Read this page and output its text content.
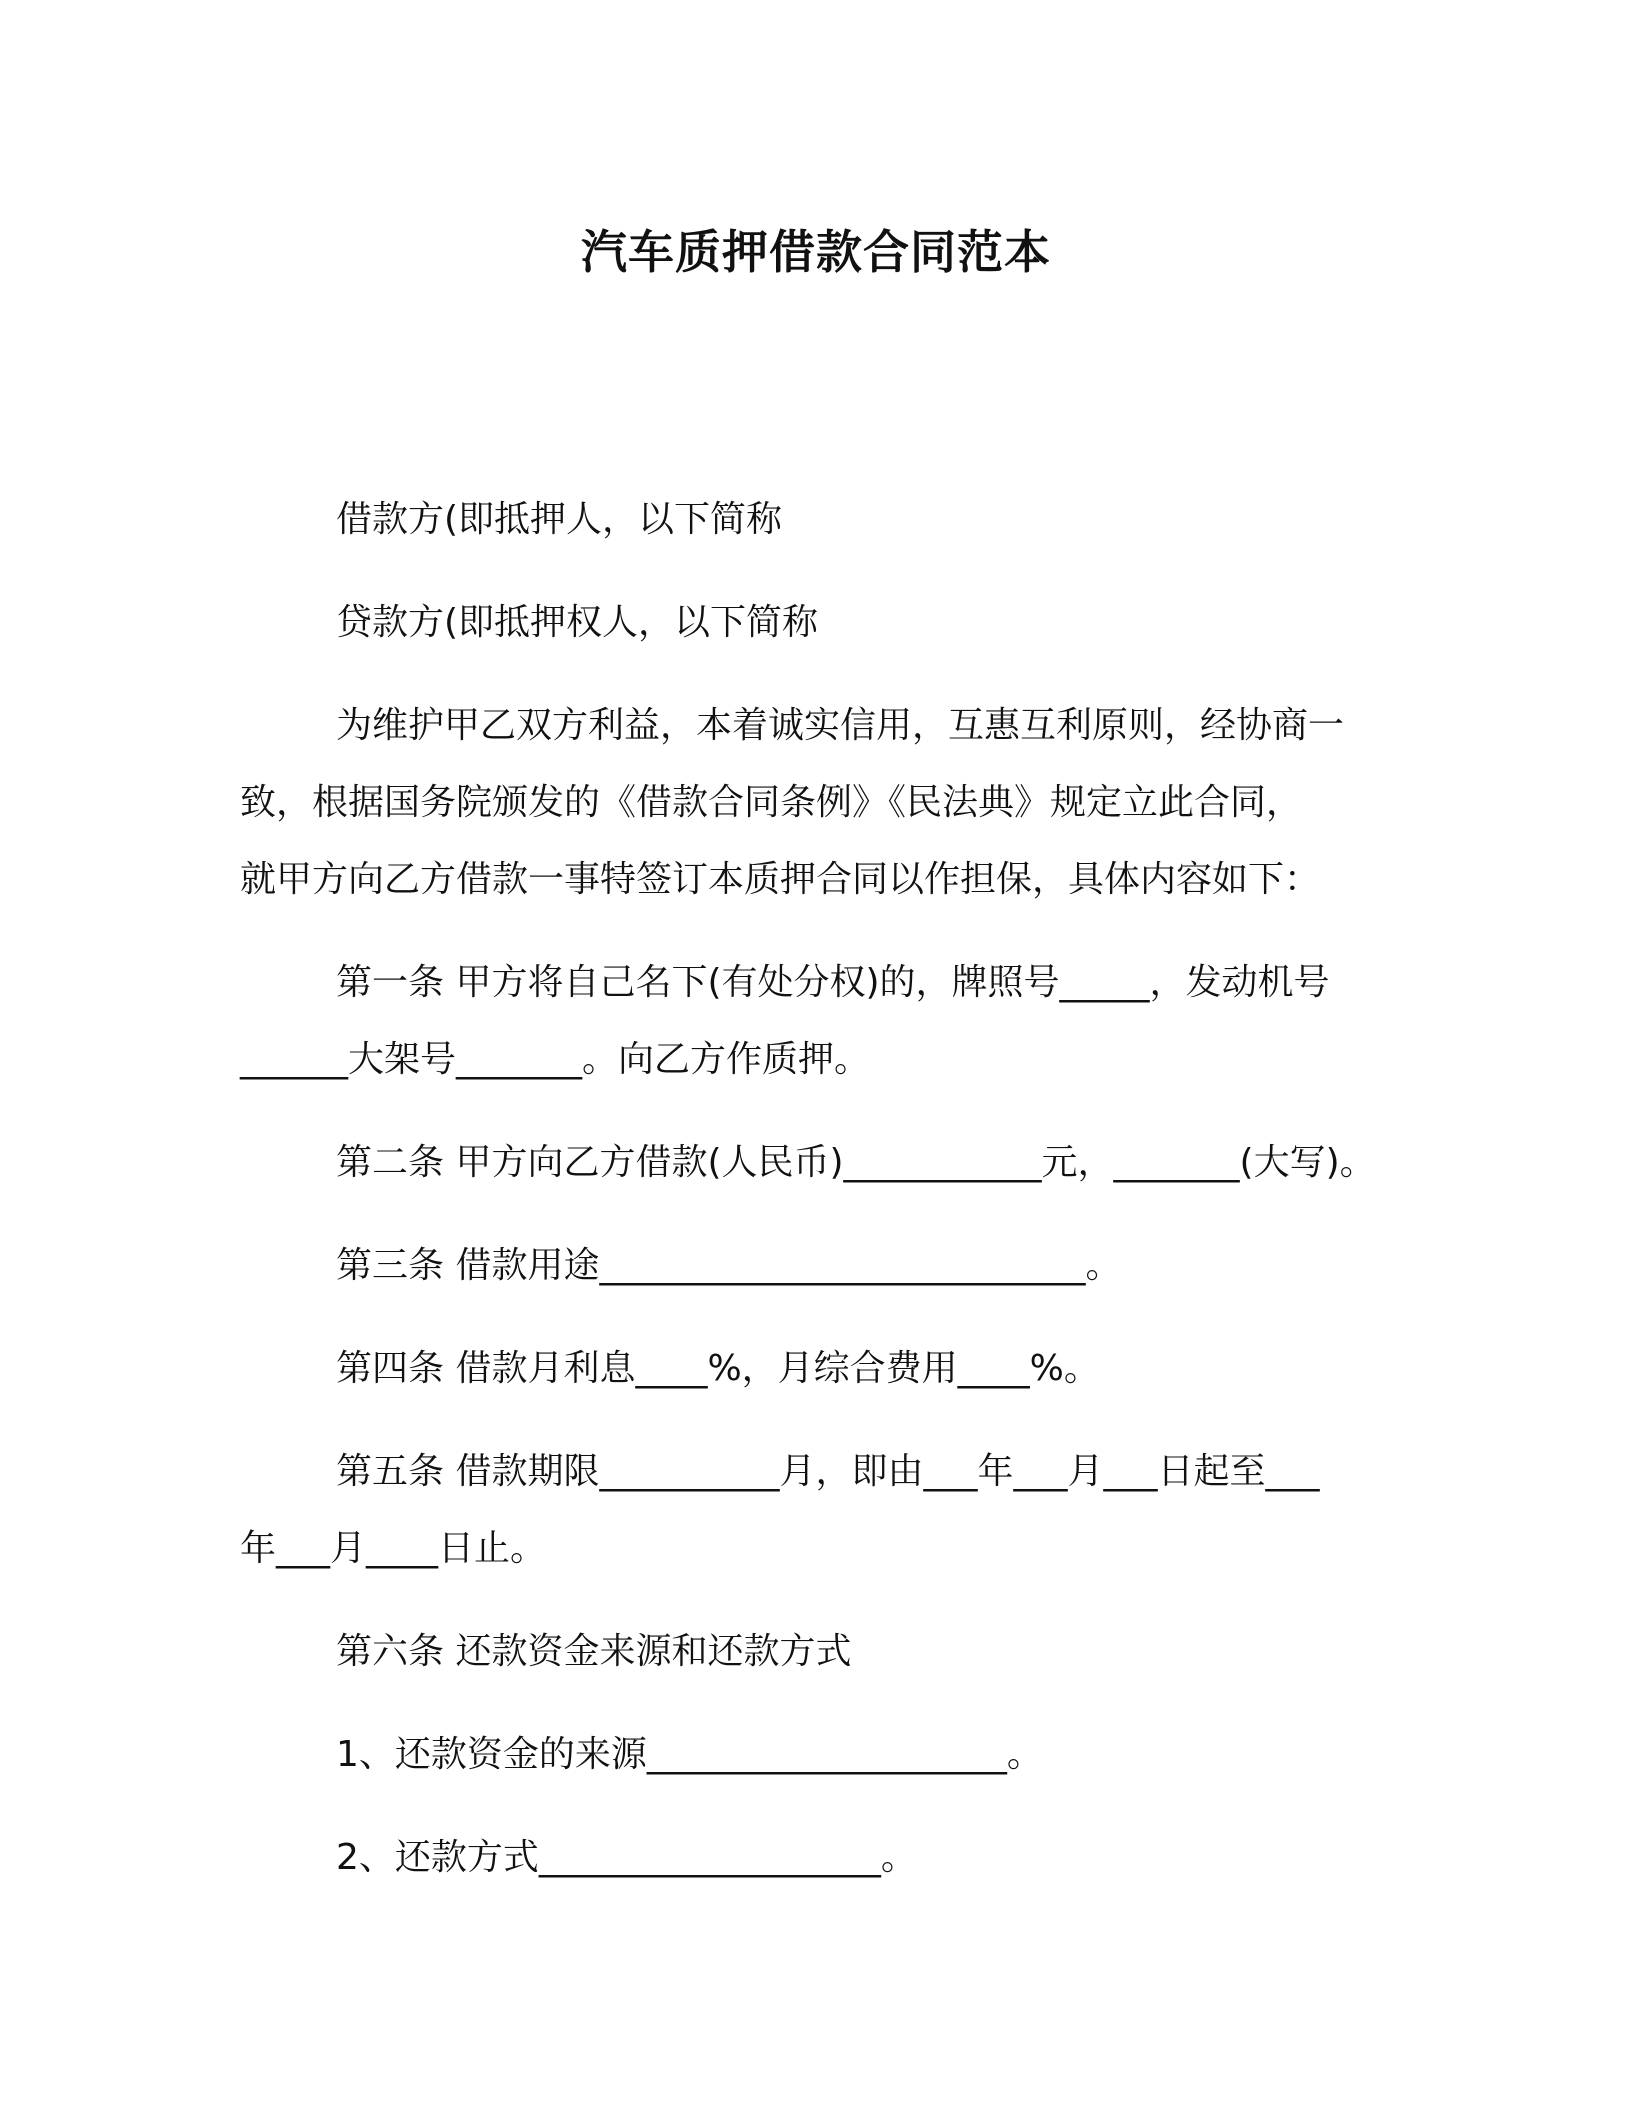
汽车质押借款合同范本
借款方(即抵押人，以下简称
贷款方(即抵押权人，以下简称
为维护甲乙双方利益，本着诚实信用，互惠互利原则，经协商一
致，根据国务院颁发的《借款合同条例》《民法典》规定立此合同，
就甲方向乙方借款一事特签订本质押合同以作担保，具体内容如下：
第一条 甲方将自己名下(有处分权)的，牌照号_____，发动机号
______大架号_______。向乙方作质押。
第二条 甲方向乙方借款(人民币)___________元，_______(大写)。
第三条 借款用途___________________________。
第四条 借款月利息____%，月综合费用____%。
第五条 借款期限__________月，即由___年___月___日起至___
年___月____日止。
第六条 还款资金来源和还款方式
1、还款资金的来源____________________。
2、还款方式___________________。
